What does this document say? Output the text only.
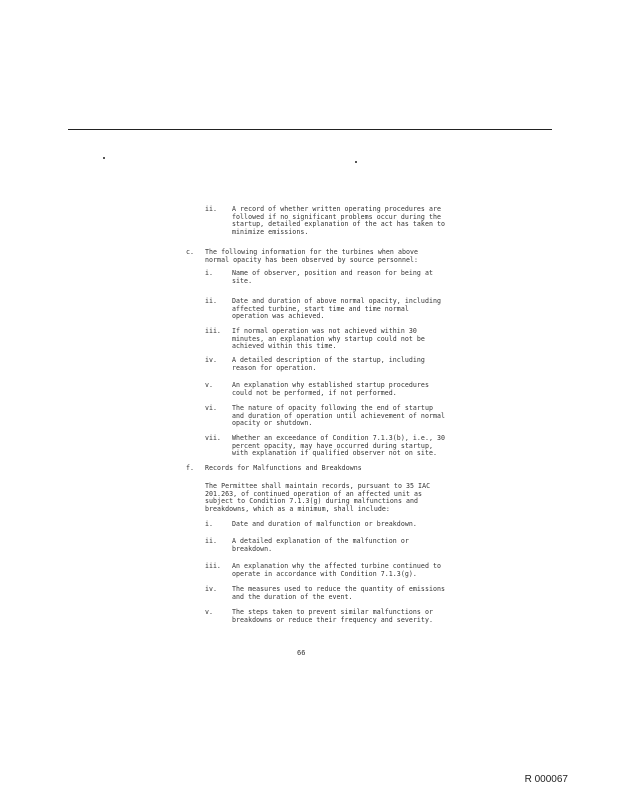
ii. A record of whether written operating procedures are
followed if no significant problems occur during the
startup, detailed explanation of the act has taken to
minimize emissions.
c. The following information for the turbines when above
normal opacity has been observed by source personnel:
i.	Name of observer, position and reason for being at
site.
ii. Date and duration of above normal opacity, including
affected turbine, start time and time normal
operation was achieved.
iii. If normal operation was not achieved within 30
minutes, an explanation why startup could not be
achieved within this time.
iv. A detailed description of the startup, including
reason for operation.
v.	An explanation why established startup procedures
could not be performed, if not performed.
vi. The nature of opacity following the end of startup
and duration of operation until achievement of normal
opacity or shutdown.
vii. Whether an exceedance of Condition 7.1.3(b), i.e., 30
percent opacity, may have occurred during startup,
with explanation if qualified observer not on site.
f. Records for Malfunctions and Breakdowns
The Permittee shall maintain records, pursuant to 35 IAC
201.263, of continued operation of an affected unit as
subject to Condition 7.1.3(g) during malfunctions and
breakdowns, which as a minimum, shall include:
i.	Date and duration of malfunction or breakdown.
ii. A detailed explanation of the malfunction or
breakdown.
iii. An explanation why the affected turbine continued to
operate in accordance with Condition 7.1.3(g).
iv. The measures used to reduce the quantity of emissions
and the duration of the event.
v.	The steps taken to prevent similar malfunctions or
breakdowns or reduce their frequency and severity.
66
R 000067
